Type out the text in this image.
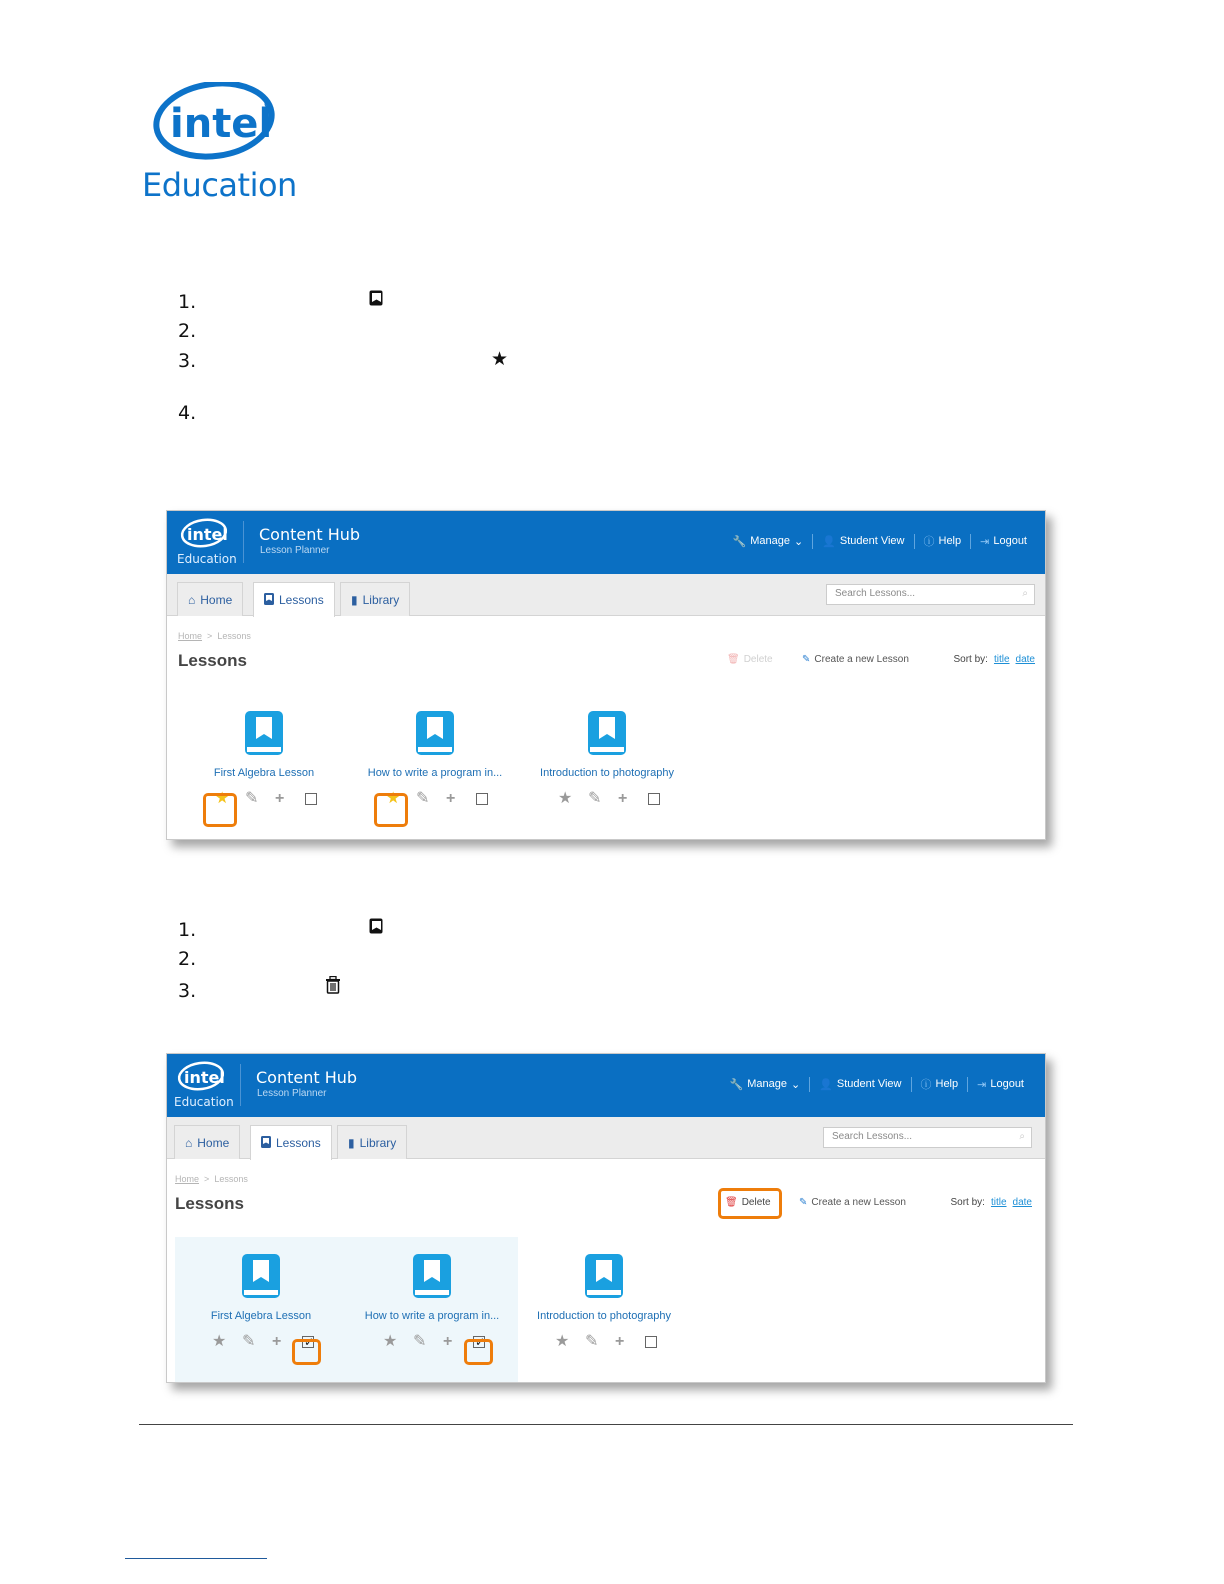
intel
Education
1.
2.
3.	★
4.
intel
Education
Content Hub
Lesson Planner
🔧 Manage ⌄ 👤 Student View ⓘ Help ⇥ Logout
⌂ Home	Lessons ▮ Library	Search Lessons...	⌕
Home > Lessons
Lessons	🗑 Delete	✎ Create a new Lesson	Sort by: title date
First Algebra Lesson
★ ✎ +
How to write a program in...
★ ✎ +
Introduction to photography
★ ✎ +
1.
2.
3.
intel
Education
Content Hub
Lesson Planner
🔧 Manage ⌄ 👤 Student View ⓘ Help ⇥ Logout
⌂ Home	Lessons ▮ Library	Search Lessons...	⌕
Home > Lessons
Lessons	🗑 Delete	✎ Create a new Lesson	Sort by: title date
First Algebra Lesson
★ ✎ +
✓
How to write a program in...
★ ✎ +
✓
Introduction to photography
★ ✎ +
